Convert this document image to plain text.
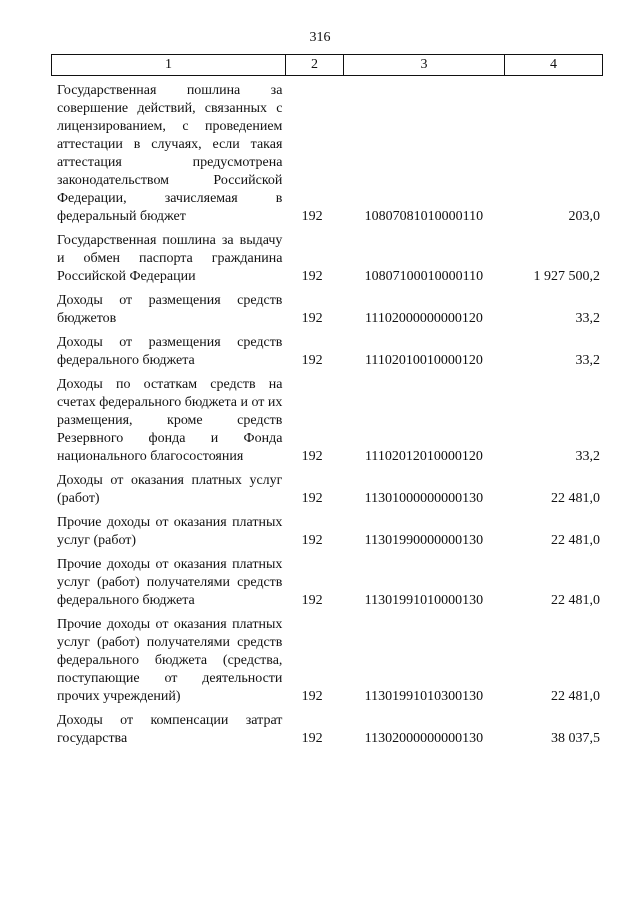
316
1	2	3	4
Государственная пошлина за совершение действий, связанных с лицензированием, с проведением аттестации в случаях, если такая аттестация предусмотрена законодательством Российской Федерации, зачисляемая в федеральный бюджет	192	10807081010000110	203,0
Государственная пошлина за выдачу и обмен паспорта гражданина Российской Федерации	192	10807100010000110	1 927 500,2
Доходы от размещения средств бюджетов	192	11102000000000120	33,2
Доходы от размещения средств федерального бюджета	192	11102010010000120	33,2
Доходы по остаткам средств на счетах федерального бюджета и от их размещения, кроме средств Резервного фонда и Фонда национального благосостояния	192	11102012010000120	33,2
Доходы от оказания платных услуг (работ)	192	11301000000000130	22 481,0
Прочие доходы от оказания платных услуг (работ)	192	11301990000000130	22 481,0
Прочие доходы от оказания платных услуг (работ) получателями средств федерального бюджета	192	11301991010000130	22 481,0
Прочие доходы от оказания платных услуг (работ) получателями средств федерального бюджета (средства, поступающие от деятельности прочих учреждений)	192	11301991010300130	22 481,0
Доходы от компенсации затрат государства	192	11302000000000130	38 037,5
